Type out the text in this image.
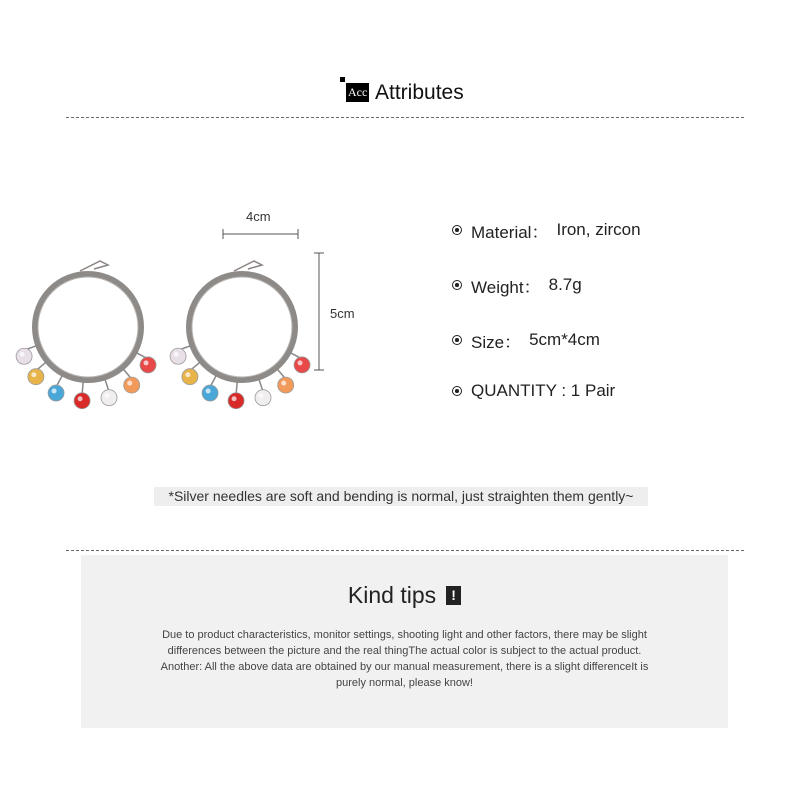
Acc Attributes
4cm
5cm
Material： Iron, zircon
Weight： 8.7g
Size： 5cm*4cm
QUANTITY : 1 Pair
*Silver needles are soft and bending is normal, just straighten them gently~
Kind tips !
Due to product characteristics, monitor settings, shooting light and other factors, there may be slight
differences between the picture and the real thingThe actual color is subject to the actual product.
Another: All the above data are obtained by our manual measurement, there is a slight differenceIt is
purely normal, please know!
